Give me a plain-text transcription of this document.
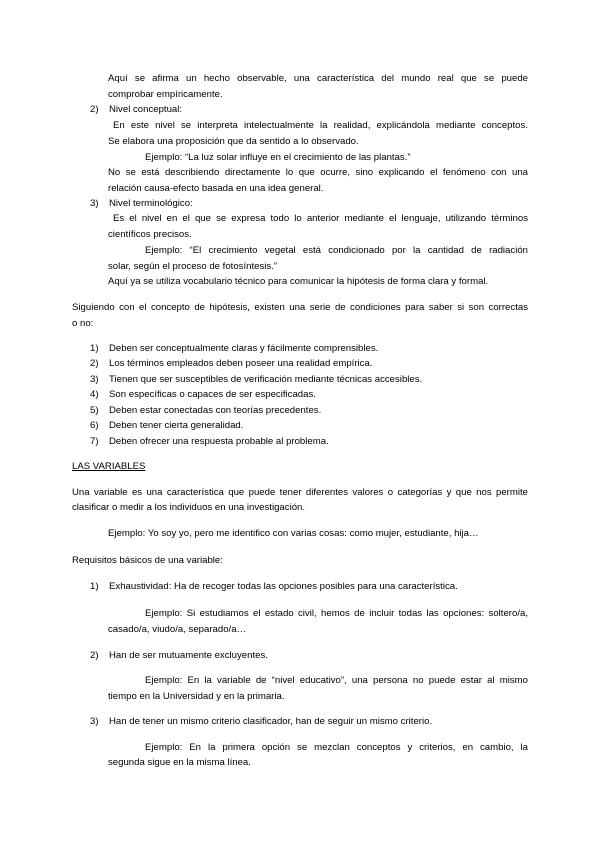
Aquí se afirma un hecho observable, una característica del mundo real que se puede
comprobar empíricamente.
2) Nivel conceptual:
En este nivel se interpreta intelectualmente la realidad, explicándola mediante conceptos.
Se elabora una proposición que da sentido a lo observado.
Ejemplo: “La luz solar influye en el crecimiento de las plantas.”
No se está describiendo directamente lo que ocurre, sino explicando el fenómeno con una
relación causa-efecto basada en una idea general.
3) Nivel terminológico:
Es el nivel en el que se expresa todo lo anterior mediante el lenguaje, utilizando términos
científicos precisos.
Ejemplo: “El crecimiento vegetal está condicionado por la cantidad de radiación
solar, según el proceso de fotosíntesis.”
Aquí ya se utiliza vocabulario técnico para comunicar la hipótesis de forma clara y formal.
Siguiendo con el concepto de hipótesis, existen una serie de condiciones para saber si son correctas
o no:
1) Deben ser conceptualmente claras y fácilmente comprensibles.
2) Los términos empleados deben poseer una realidad empírica.
3) Tienen que ser susceptibles de verificación mediante técnicas accesibles.
4) Son específicas o capaces de ser especificadas.
5) Deben estar conectadas con teorías precedentes.
6) Deben tener cierta generalidad.
7) Deben ofrecer una respuesta probable al problema.
LAS VARIABLES
Una variable es una característica que puede tener diferentes valores o categorías y que nos permite
clasificar o medir a los individuos en una investigación.
Ejemplo: Yo soy yo, pero me identifico con varias cosas: como mujer, estudiante, hija…
Requisitos básicos de una variable:
1) Exhaustividad: Ha de recoger todas las opciones posibles para una característica.
Ejemplo: Si estudiamos el estado civil, hemos de incluir todas las opciones: soltero/a,
casado/a, viudo/a, separado/a…
2) Han de ser mutuamente excluyentes.
Ejemplo: En la variable de “nivel educativo”, una persona no puede estar al mismo
tiempo en la Universidad y en la primaria.
3) Han de tener un mismo criterio clasificador, han de seguir un mismo criterio.
Ejemplo: En la primera opción se mezclan conceptos y criterios, en cambio, la
segunda sigue en la misma línea.
